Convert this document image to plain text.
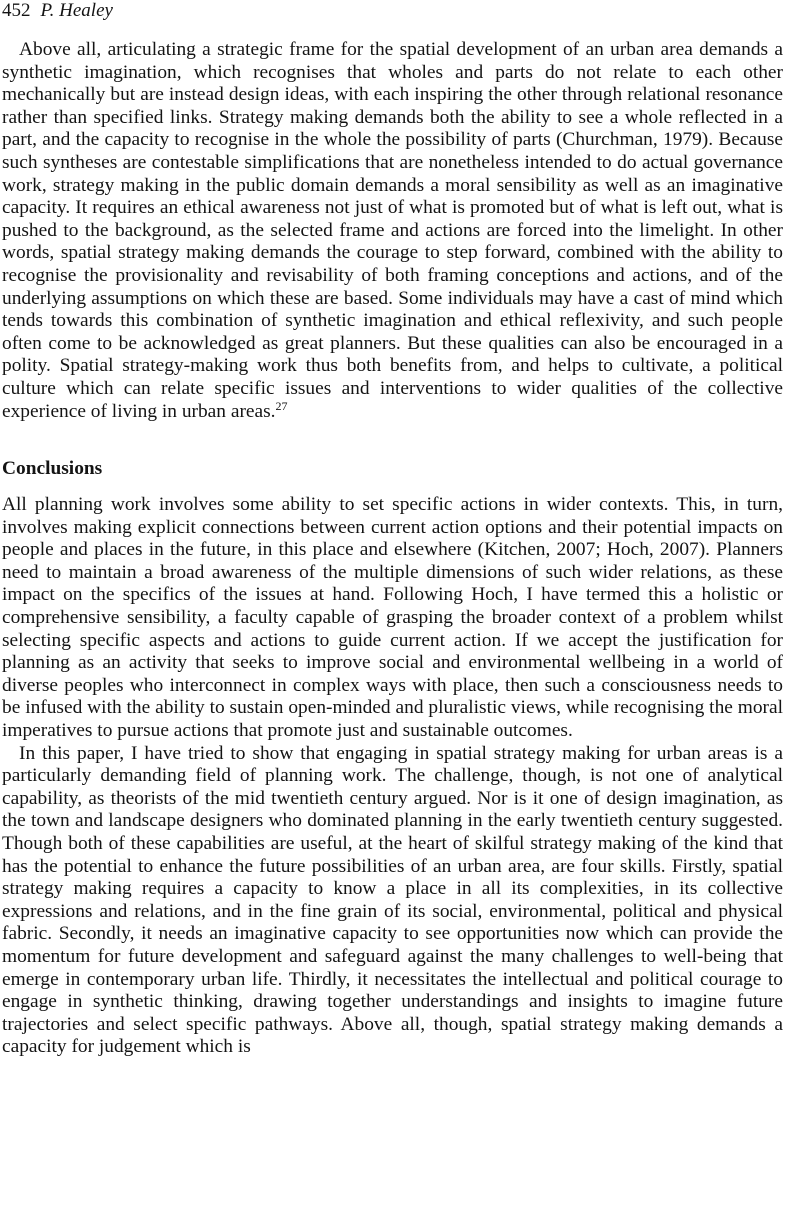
452 P. Healey

Above all, articulating a strategic frame for the spatial development of an urban area demands a synthetic imagination, which recognises that wholes and parts do not relate to each other mechanically but are instead design ideas, with each inspiring the other through relational resonance rather than specified links. Strategy making demands both the ability to see a whole reflected in a part, and the capacity to recognise in the whole the possibility of parts (Churchman, 1979). Because such syntheses are contestable simplifications that are nonetheless intended to do actual governance work, strategy making in the public domain demands a moral sensibility as well as an imaginative capacity. It requires an ethical awareness not just of what is promoted but of what is left out, what is pushed to the background, as the selected frame and actions are forced into the limelight. In other words, spatial strategy making demands the courage to step forward, combined with the ability to recognise the provisionality and revisability of both framing conceptions and actions, and of the underlying assumptions on which these are based. Some individuals may have a cast of mind which tends towards this combination of synthetic imagination and ethical reflexivity, and such people often come to be acknowledged as great planners. But these qualities can also be encouraged in a polity. Spatial strategy-making work thus both benefits from, and helps to cultivate, a political culture which can relate specific issues and interventions to wider qualities of the collective experience of living in urban areas.$^{27}$

Conclusions

All planning work involves some ability to set specific actions in wider contexts. This, in turn, involves making explicit connections between current action options and their potential impacts on people and places in the future, in this place and elsewhere (Kitchen, 2007; Hoch, 2007). Planners need to maintain a broad awareness of the multiple dimensions of such wider relations, as these impact on the specifics of the issues at hand. Following Hoch, I have termed this a holistic or comprehensive sensibility, a faculty capable of grasping the broader context of a problem whilst selecting specific aspects and actions to guide current action. If we accept the justification for planning as an activity that seeks to improve social and environmental wellbeing in a world of diverse peoples who interconnect in complex ways with place, then such a consciousness needs to be infused with the ability to sustain open-minded and pluralistic views, while recognising the moral imperatives to pursue actions that promote just and sustainable outcomes.

In this paper, I have tried to show that engaging in spatial strategy making for urban areas is a particularly demanding field of planning work. The challenge, though, is not one of analytical capability, as theorists of the mid twentieth century argued. Nor is it one of design imagination, as the town and landscape designers who dominated planning in the early twentieth century suggested. Though both of these capabilities are useful, at the heart of skilful strategy making of the kind that has the potential to enhance the future possibilities of an urban area, are four skills. Firstly, spatial strategy making requires a capacity to know a place in all its complexities, in its collective expressions and relations, and in the fine grain of its social, environmental, political and physical fabric. Secondly, it needs an imaginative capacity to see opportunities now which can provide the momentum for future development and safeguard against the many challenges to well-being that emerge in contemporary urban life. Thirdly, it necessitates the intellectual and political courage to engage in synthetic thinking, drawing together understandings and insights to imagine future trajectories and select specific pathways. Above all, though, spatial strategy making demands a capacity for judgement which is
